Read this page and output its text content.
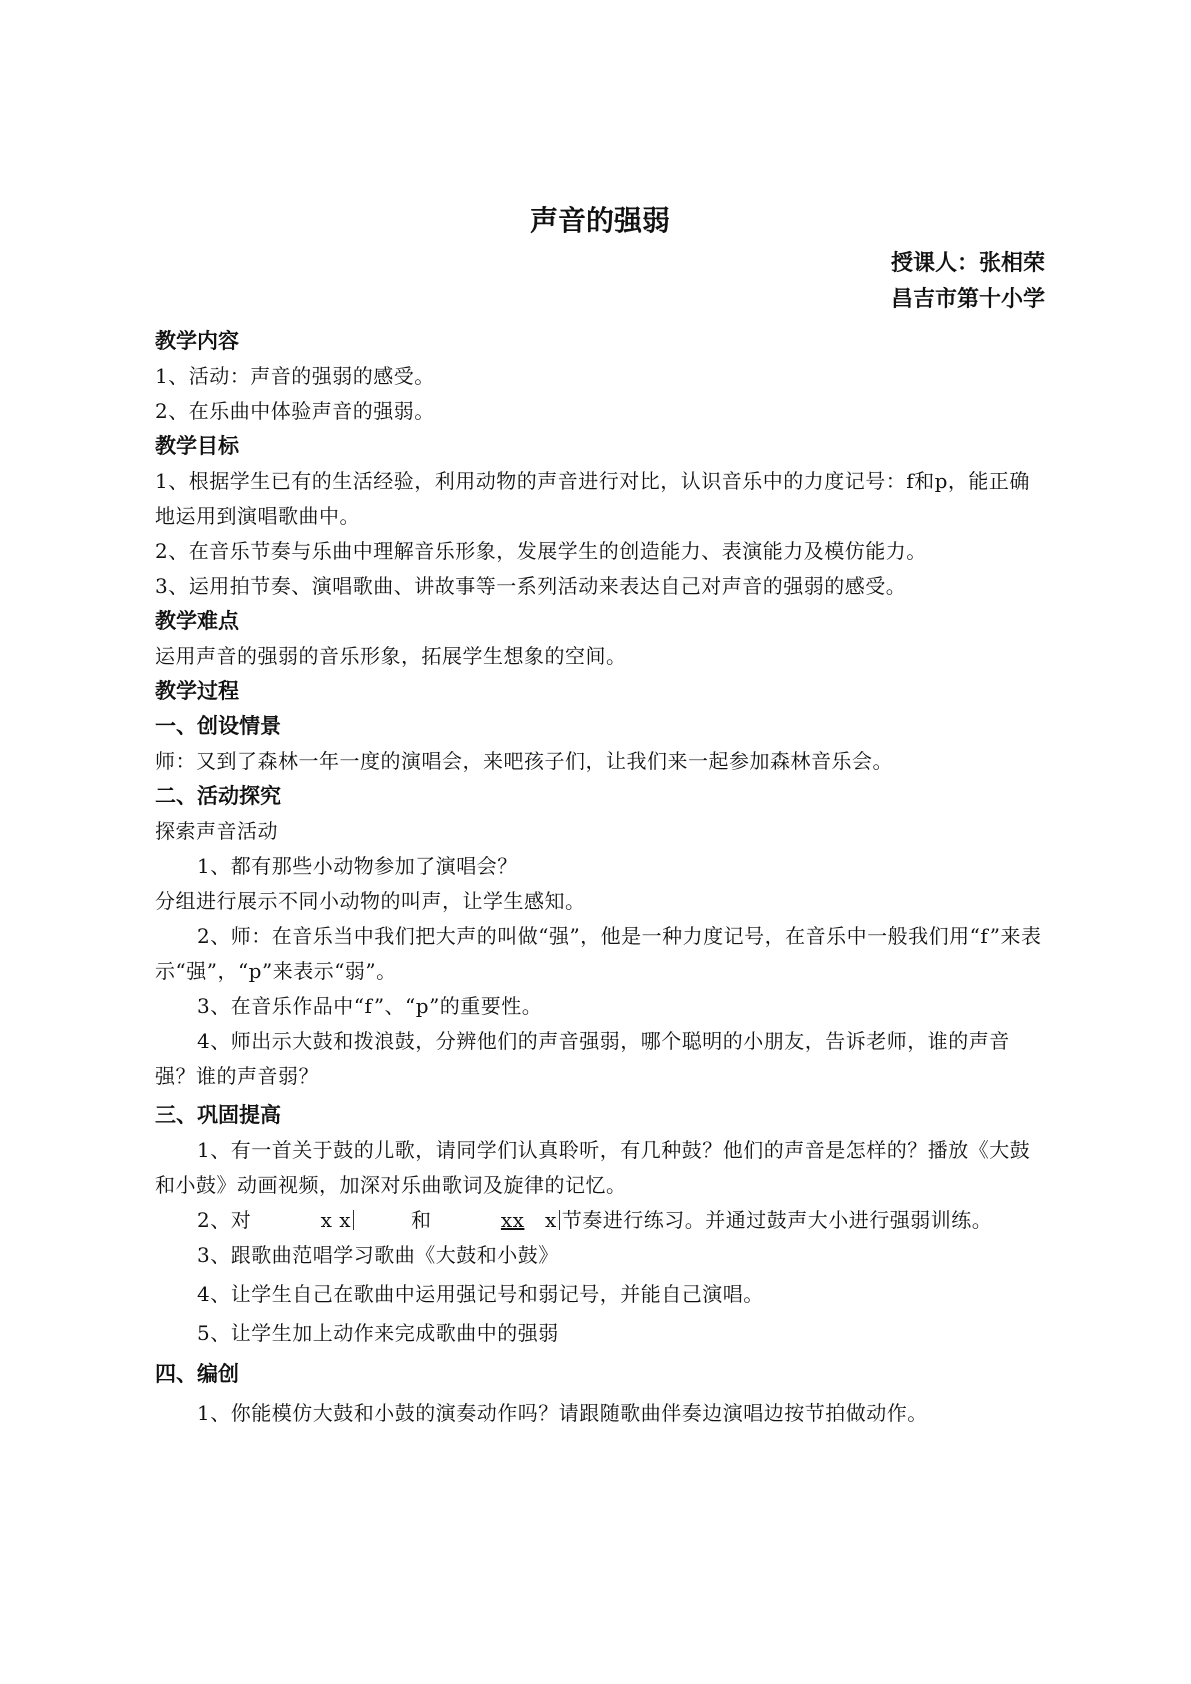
声音的强弱

授课人：张相荣

昌吉市第十小学

教学内容

1、活动：声音的强弱的感受。

2、在乐曲中体验声音的强弱。

教学目标

1、根据学生已有的生活经验，利用动物的声音进行对比，认识音乐中的力度记号：f和p，能正确地运用到演唱歌曲中。

2、在音乐节奏与乐曲中理解音乐形象，发展学生的创造能力、表演能力及模仿能力。

3、运用拍节奏、演唱歌曲、讲故事等一系列活动来表达自己对声音的强弱的感受。

教学难点

运用声音的强弱的音乐形象，拓展学生想象的空间。

教学过程

一、创设情景

师：又到了森林一年一度的演唱会，来吧孩子们，让我们来一起参加森林音乐会。

二、活动探究

探索声音活动

1、都有那些小动物参加了演唱会？

分组进行展示不同小动物的叫声，让学生感知。

2、师：在音乐当中我们把大声的叫做“强”，他是一种力度记号，在音乐中一般我们用“f”来表示“强”，“p”来表示“弱”。

3、在音乐作品中“f”、“p”的重要性。

4、师出示大鼓和拨浪鼓，分辨他们的声音强弱，哪个聪明的小朋友，告诉老师，谁的声音强？谁的声音弱？

三、巩固提高

1、有一首关于鼓的儿歌，请同学们认真聆听，有几种鼓？他们的声音是怎样的？播放《大鼓和小鼓》动画视频，加深对乐曲歌词及旋律的记忆。

2、对	x x	和	xx x 节奏进行练习。并通过鼓声大小进行强弱训练。

3、跟歌曲范唱学习歌曲《大鼓和小鼓》

4、让学生自己在歌曲中运用强记号和弱记号，并能自己演唱。

5、让学生加上动作来完成歌曲中的强弱

四、编创

1、你能模仿大鼓和小鼓的演奏动作吗？请跟随歌曲伴奏边演唱边按节拍做动作。
